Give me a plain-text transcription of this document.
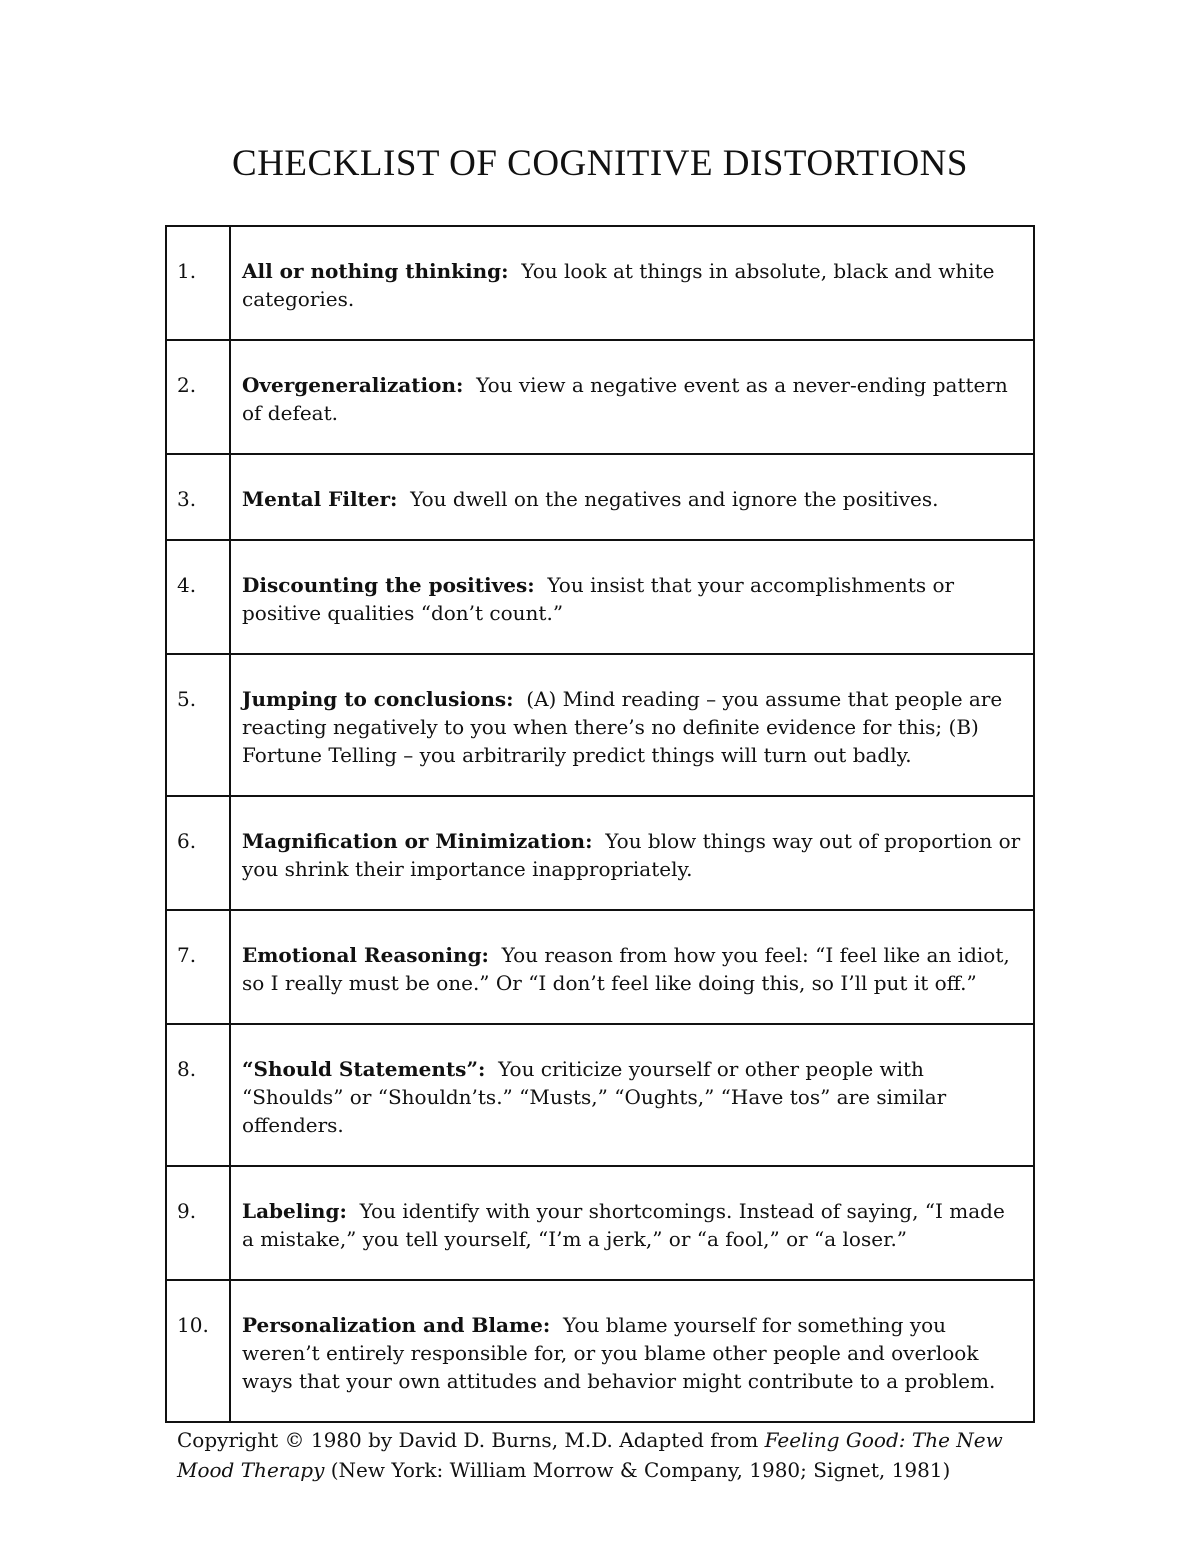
CHECKLIST OF COGNITIVE DISTORTIONS
1.	All or nothing thinking: You look at things in absolute, black and white categories.
2.	Overgeneralization: You view a negative event as a never-ending pattern of defeat.
3.	Mental Filter: You dwell on the negatives and ignore the positives.
4.	Discounting the positives: You insist that your accomplishments or positive qualities “don’t count.”
5.	Jumping to conclusions: (A) Mind reading – you assume that people are reacting negatively to you when there’s no definite evidence for this; (B) Fortune Telling – you arbitrarily predict things will turn out badly.
6.	Magnification or Minimization: You blow things way out of proportion or you shrink their importance inappropriately.
7.	Emotional Reasoning: You reason from how you feel: “I feel like an idiot, so I really must be one.” Or “I don’t feel like doing this, so I’ll put it off.”
8.	“Should Statements”: You criticize yourself or other people with “Shoulds” or “Shouldn’ts.” “Musts,” “Oughts,” “Have tos” are similar offenders.
9.	Labeling: You identify with your shortcomings. Instead of saying, “I made a mistake,” you tell yourself, “I’m a jerk,” or “a fool,” or “a loser.”
10.	Personalization and Blame: You blame yourself for something you weren’t entirely responsible for, or you blame other people and overlook ways that your own attitudes and behavior might contribute to a problem.
Copyright © 1980 by David D. Burns, M.D. Adapted from Feeling Good: The New Mood Therapy (New York: William Morrow & Company, 1980; Signet, 1981)
